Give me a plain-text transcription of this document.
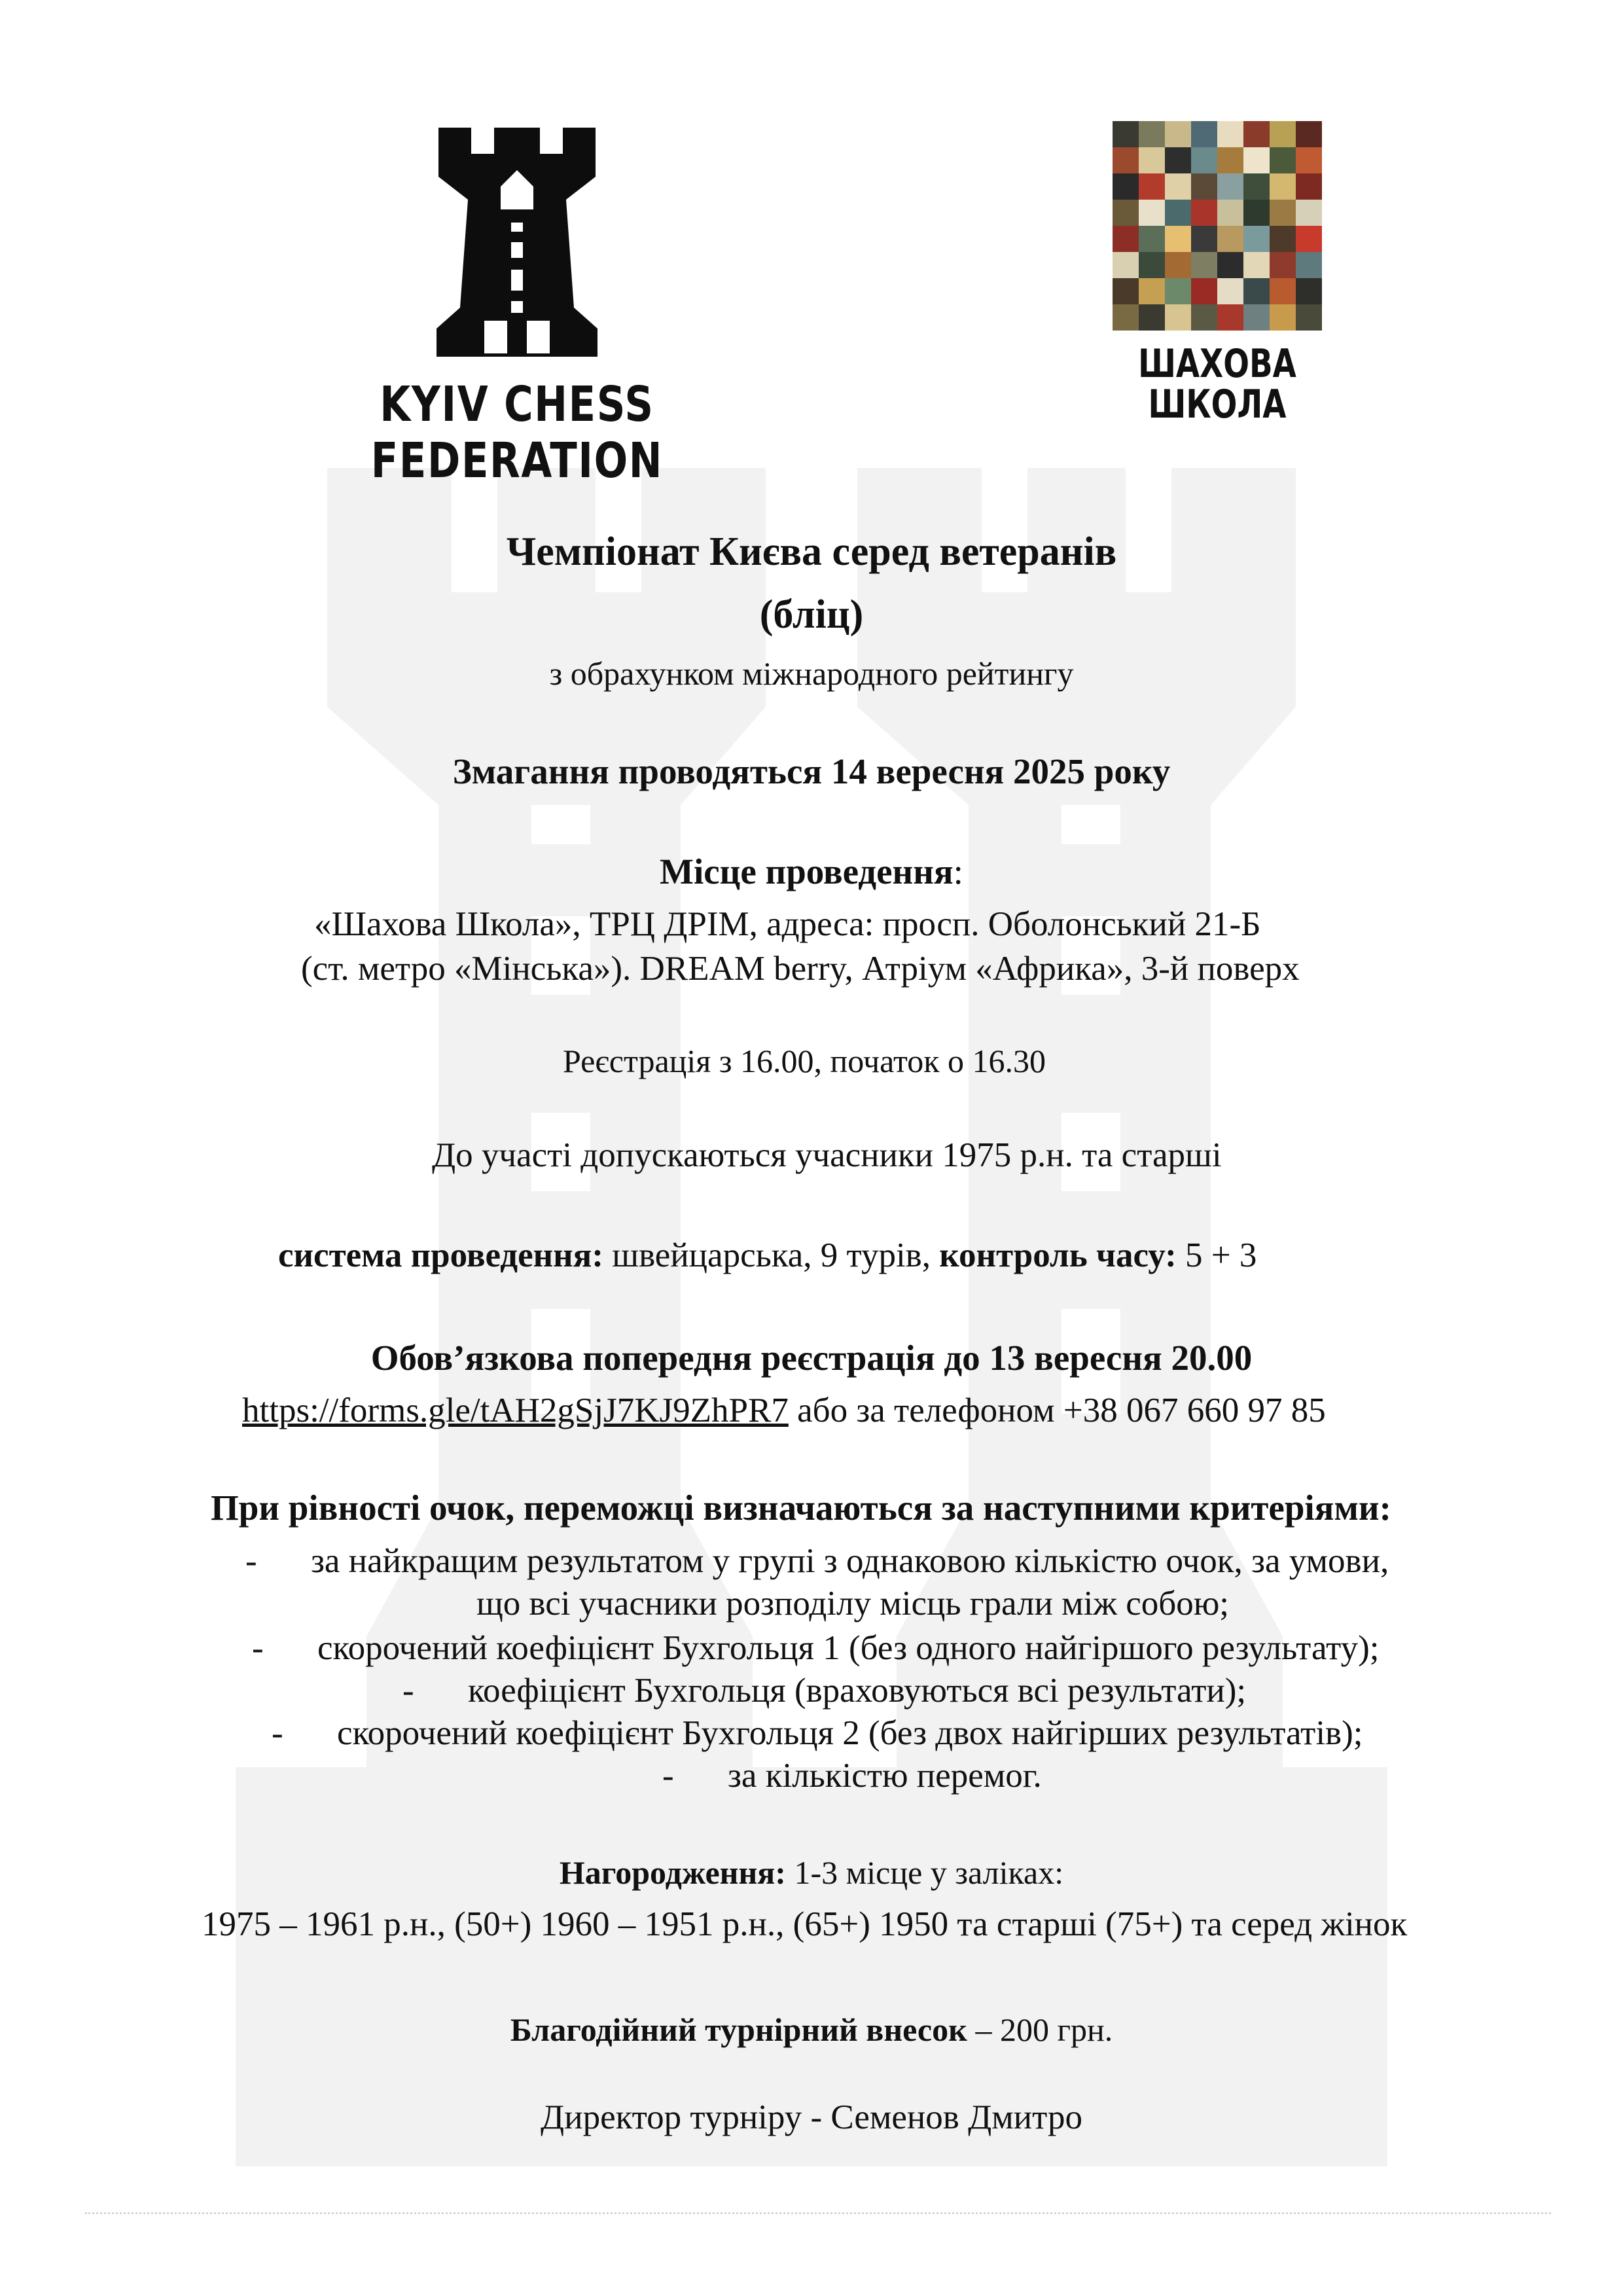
KYIV CHESS FEDERATION
ШАХОВА
ШКОЛА
Чемпіонат Києва серед ветеранів
(бліц)
з обрахунком міжнародного рейтингу
Змагання проводяться 14 вересня 2025 року
Місце проведення:
«Шахова Школа», ТРЦ ДРІМ, адреса: просп. Оболонський 21-Б
(ст. метро «Мінська»). DREAM berry, Атріум «Африка», 3-й поверх
Реєстрація з 16.00, початок о 16.30
До участі допускаються учасники 1975 р.н. та старші
система проведення: швейцарська, 9 турів, контроль часу: 5 + 3
Обов’язкова попередня реєстрація до 13 вересня 20.00
https://forms.gle/tAH2gSjJ7KJ9ZhPR7 або за телефоном +38 067 660 97 85
При рівності очок, переможці визначаються за наступними критеріями:
- за найкращим результатом у групі з однаковою кількістю очок, за умови,
що всі учасники розподілу місць грали між собою;
- скорочений коефіцієнт Бухгольця 1 (без одного найгіршого результату);
- коефіцієнт Бухгольця (враховуються всі результати);
- скорочений коефіцієнт Бухгольця 2 (без двох найгірших результатів);
- за кількістю перемог.
Нагородження: 1-3 місце у заліках:
1975 – 1961 р.н., (50+) 1960 – 1951 р.н., (65+) 1950 та старші (75+) та серед жінок
Благодійний турнірний внесок – 200 грн.
Директор турніру - Семенов Дмитро
